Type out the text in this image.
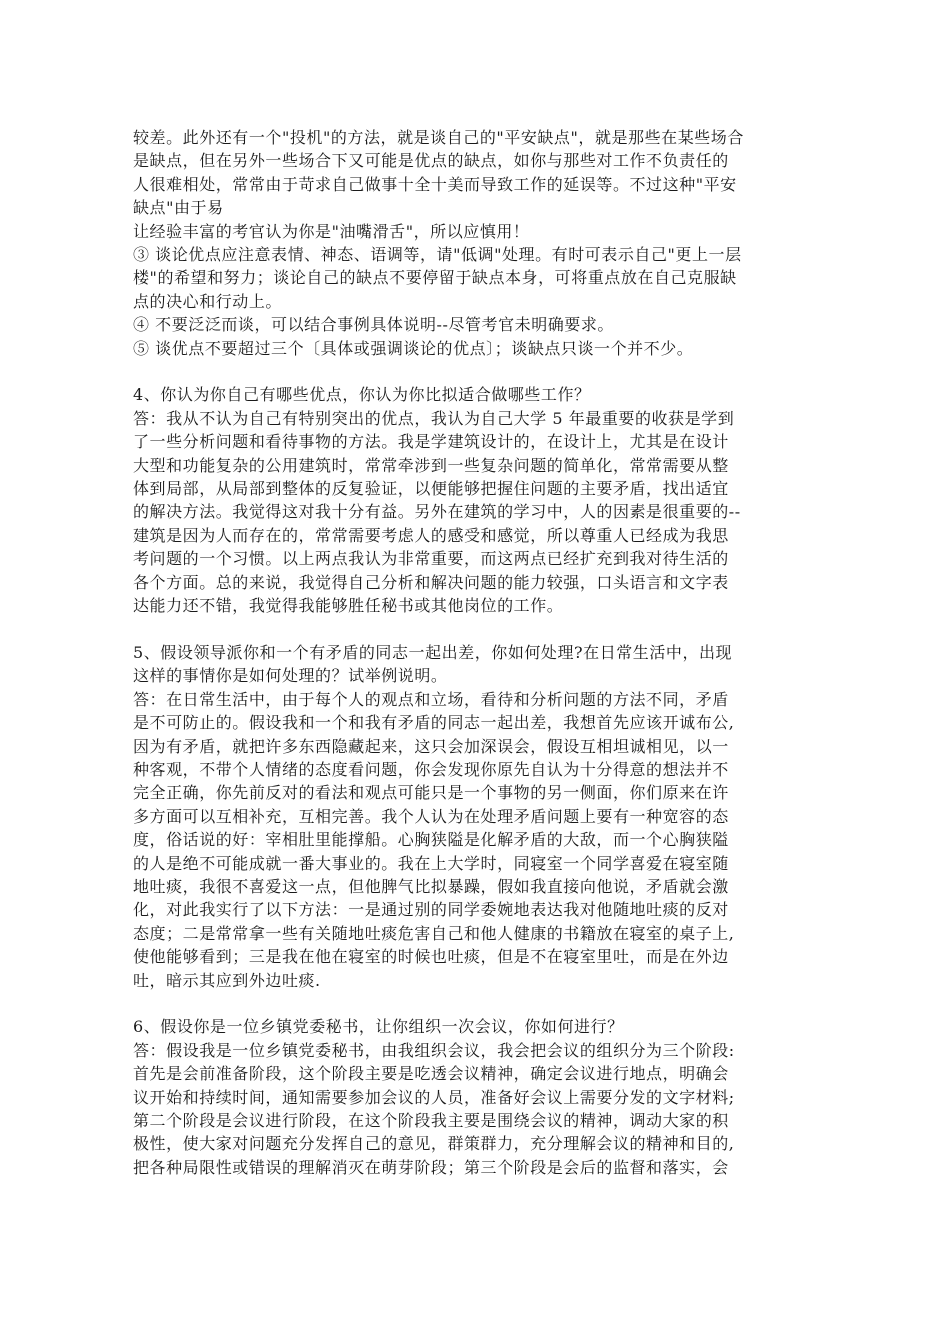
较差。此外还有一个"投机"的方法，就是谈自己的"平安缺点"，就是那些在某些场合
是缺点，但在另外一些场合下又可能是优点的缺点，如你与那些对工作不负责任的
人很难相处，常常由于苛求自己做事十全十美而导致工作的延误等。不过这种"平安
缺点"由于易
让经验丰富的考官认为你是"油嘴滑舌"，所以应慎用！
③ 谈论优点应注意表情、神态、语调等，请"低调"处理。有时可表示自己"更上一层
楼"的希望和努力；谈论自己的缺点不要停留于缺点本身，可将重点放在自己克服缺
点的决心和行动上。
④ 不要泛泛而谈，可以结合事例具体说明--尽管考官未明确要求。
⑤ 谈优点不要超过三个〔具体或强调谈论的优点〕；谈缺点只谈一个并不少。
4、你认为你自己有哪些优点，你认为你比拟适合做哪些工作？
答：我从不认为自己有特别突出的优点，我认为自己大学 5 年最重要的收获是学到
了一些分析问题和看待事物的方法。我是学建筑设计的，在设计上，尤其是在设计
大型和功能复杂的公用建筑时，常常牵涉到一些复杂问题的简单化，常常需要从整
体到局部，从局部到整体的反复验证，以便能够把握住问题的主要矛盾，找出适宜
的解决方法。我觉得这对我十分有益。另外在建筑的学习中，人的因素是很重要的--
建筑是因为人而存在的，常常需要考虑人的感受和感觉，所以尊重人已经成为我思
考问题的一个习惯。以上两点我认为非常重要，而这两点已经扩充到我对待生活的
各个方面。总的来说，我觉得自己分析和解决问题的能力较强，口头语言和文字表
达能力还不错，我觉得我能够胜任秘书或其他岗位的工作。
5、假设领导派你和一个有矛盾的同志一起出差，你如何处理?在日常生活中，出现
这样的事情你是如何处理的？试举例说明。
答：在日常生活中，由于每个人的观点和立场，看待和分析问题的方法不同，矛盾
是不可防止的。假设我和一个和我有矛盾的同志一起出差，我想首先应该开诚布公,
因为有矛盾，就把许多东西隐藏起来，这只会加深误会，假设互相坦诚相见，以一
种客观，不带个人情绪的态度看问题，你会发现你原先自认为十分得意的想法并不
完全正确，你先前反对的看法和观点可能只是一个事物的另一侧面，你们原来在许
多方面可以互相补充，互相完善。我个人认为在处理矛盾问题上要有一种宽容的态
度，俗话说的好：宰相肚里能撑船。心胸狭隘是化解矛盾的大敌，而一个心胸狭隘
的人是绝不可能成就一番大事业的。我在上大学时，同寝室一个同学喜爱在寝室随
地吐痰，我很不喜爱这一点，但他脾气比拟暴躁，假如我直接向他说，矛盾就会激
化，对此我实行了以下方法：一是通过别的同学委婉地表达我对他随地吐痰的反对
态度；二是常常拿一些有关随地吐痰危害自己和他人健康的书籍放在寝室的桌子上,
使他能够看到；三是我在他在寝室的时候也吐痰，但是不在寝室里吐，而是在外边
吐，暗示其应到外边吐痰.
6、假设你是一位乡镇党委秘书，让你组织一次会议，你如何进行？
答：假设我是一位乡镇党委秘书，由我组织会议，我会把会议的组织分为三个阶段:
首先是会前准备阶段，这个阶段主要是吃透会议精神，确定会议进行地点，明确会
议开始和持续时间，通知需要参加会议的人员，准备好会议上需要分发的文字材料;
第二个阶段是会议进行阶段，在这个阶段我主要是围绕会议的精神，调动大家的积
极性，使大家对问题充分发挥自己的意见，群策群力，充分理解会议的精神和目的,
把各种局限性或错误的理解消灭在萌芽阶段；第三个阶段是会后的监督和落实，会
